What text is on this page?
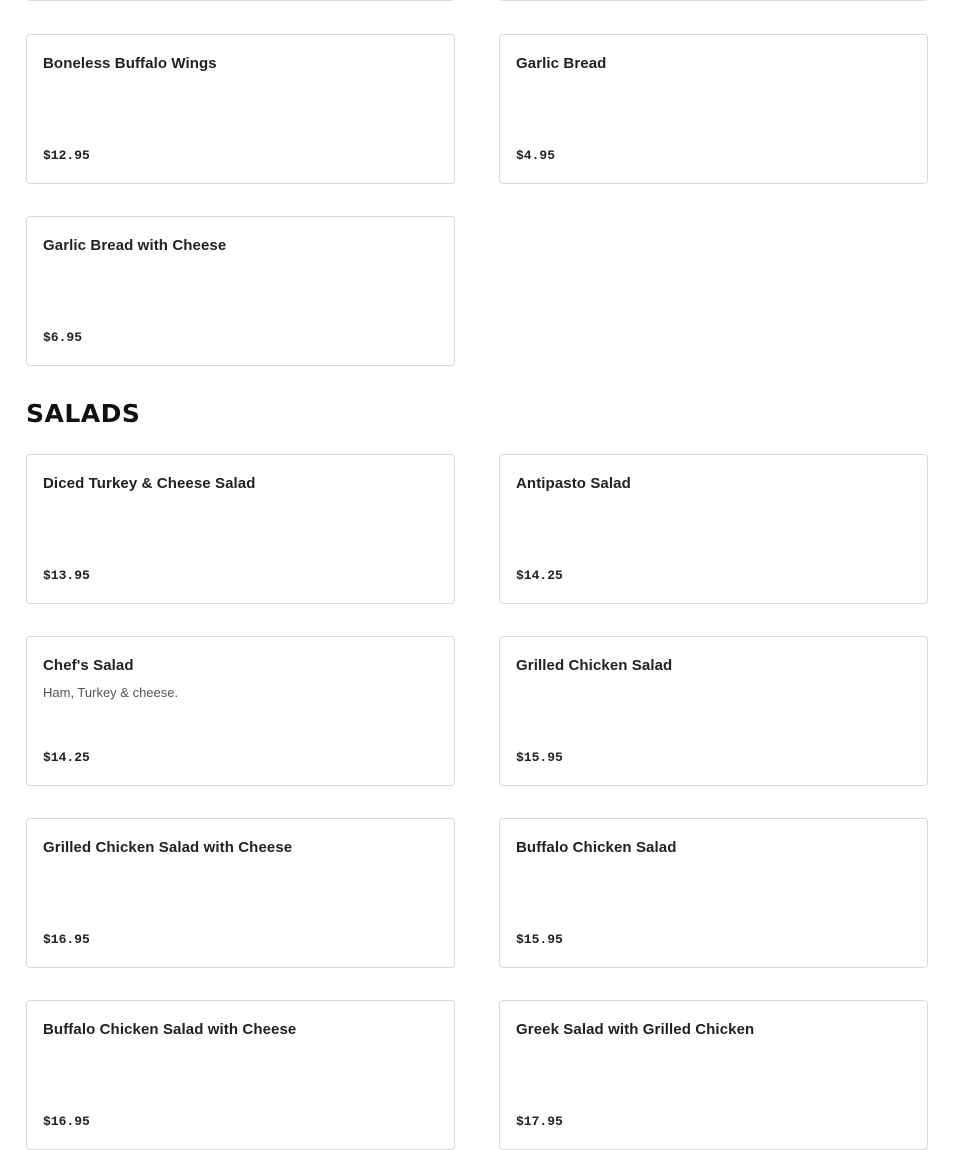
Boneless Buffalo Wings
$12.95
Garlic Bread
$4.95
Garlic Bread with Cheese
$6.95
SALADS
Diced Turkey & Cheese Salad
$13.95
Antipasto Salad
$14.25
Chef's Salad
Ham, Turkey & cheese.
$14.25
Grilled Chicken Salad
$15.95
Grilled Chicken Salad with Cheese
$16.95
Buffalo Chicken Salad
$15.95
Buffalo Chicken Salad with Cheese
$16.95
Greek Salad with Grilled Chicken
$17.95
